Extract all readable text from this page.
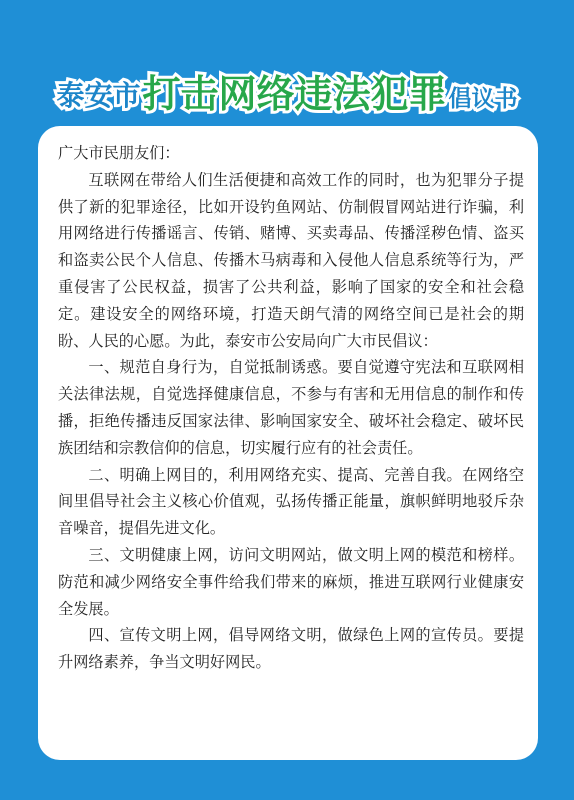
泰安市 打击网络违法犯罪 倡议书

广大市民朋友们：

互联网在带给人们生活便捷和高效工作的同时，也为犯罪分子提供了新的犯罪途径，比如开设钓鱼网站、仿制假冒网站进行诈骗，利用网络进行传播谣言、传销、赌博、买卖毒品、传播淫秽色情、盗买和盗卖公民个人信息、传播木马病毒和入侵他人信息系统等行为，严重侵害了公民权益，损害了公共利益，影响了国家的安全和社会稳定。建设安全的网络环境，打造天朗气清的网络空间已是社会的期盼、人民的心愿。为此，泰安市公安局向广大市民倡议：

一、规范自身行为，自觉抵制诱惑。要自觉遵守宪法和互联网相关法律法规，自觉选择健康信息，不参与有害和无用信息的制作和传播，拒绝传播违反国家法律、影响国家安全、破坏社会稳定、破坏民族团结和宗教信仰的信息，切实履行应有的社会责任。

二、明确上网目的，利用网络充实、提高、完善自我。在网络空间里倡导社会主义核心价值观，弘扬传播正能量，旗帜鲜明地驳斥杂音噪音，提倡先进文化。

三、文明健康上网，访问文明网站，做文明上网的模范和榜样。防范和减少网络安全事件给我们带来的麻烦，推进互联网行业健康安全发展。

四、宣传文明上网，倡导网络文明，做绿色上网的宣传员。要提升网络素养，争当文明好网民。
